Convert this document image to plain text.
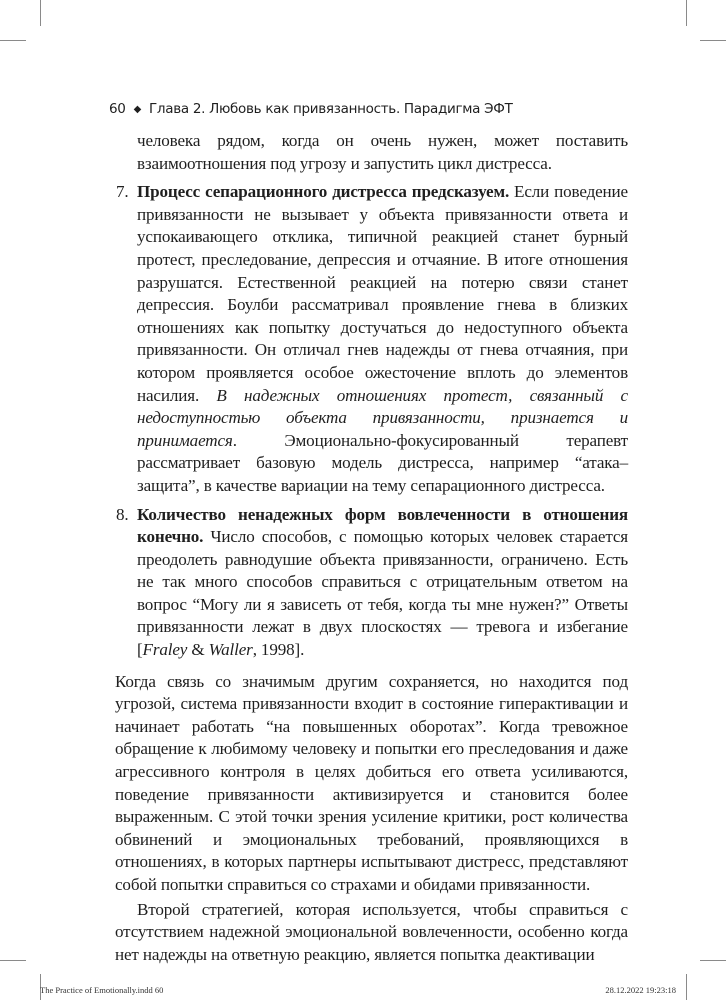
60 ◆ Глава 2. Любовь как привязанность. Парадигма ЭФТ

человека рядом, когда он очень нужен, может поставить взаимоотношения под угрозу и запустить цикл дистресса.

7. Процесс сепарационного дистресса предсказуем. Если поведение привязанности не вызывает у объекта привязанности ответа и успокаивающего отклика, типичной реакцией станет бурный протест, преследование, депрессия и отчаяние. В итоге отношения разрушатся. Естественной реакцией на потерю связи станет депрессия. Боулби рассматривал проявление гнева в близких отношениях как попытку достучаться до недоступного объекта привязанности. Он отличал гнев надежды от гнева отчаяния, при котором проявляется особое ожесточение вплоть до элементов насилия. В надежных отношениях протест, связанный с недоступностью объекта привязанности, признается и принимается. Эмоционально-фокусированный терапевт рассматривает базовую модель дистресса, например “атака–защита”, в качестве вариации на тему сепарационного дистресса.

8. Количество ненадежных форм вовлеченности в отношения конечно. Число способов, с помощью которых человек старается преодолеть равнодушие объекта привязанности, ограничено. Есть не так много способов справиться с отрицательным ответом на вопрос “Могу ли я зависеть от тебя, когда ты мне нужен?” Ответы привязанности лежат в двух плоскостях — тревога и избегание [Fraley & Waller, 1998].

Когда связь со значимым другим сохраняется, но находится под угрозой, система привязанности входит в состояние гиперактивации и начинает работать “на повышенных оборотах”. Когда тревожное обращение к любимому человеку и попытки его преследования и даже агрессивного контроля в целях добиться его ответа усиливаются, поведение привязанности активизируется и становится более выраженным. С этой точки зрения усиление критики, рост количества обвинений и эмоциональных требований, проявляющихся в отношениях, в которых партнеры испытывают дистресс, представляют собой попытки справиться со страхами и обидами привязанности.

Второй стратегией, которая используется, чтобы справиться с отсутствием надежной эмоциональной вовлеченности, особенно когда нет надежды на ответную реакцию, является попытка деактивации

The Practice of Emotionally.indd 60	28.12.2022 19:23:18
